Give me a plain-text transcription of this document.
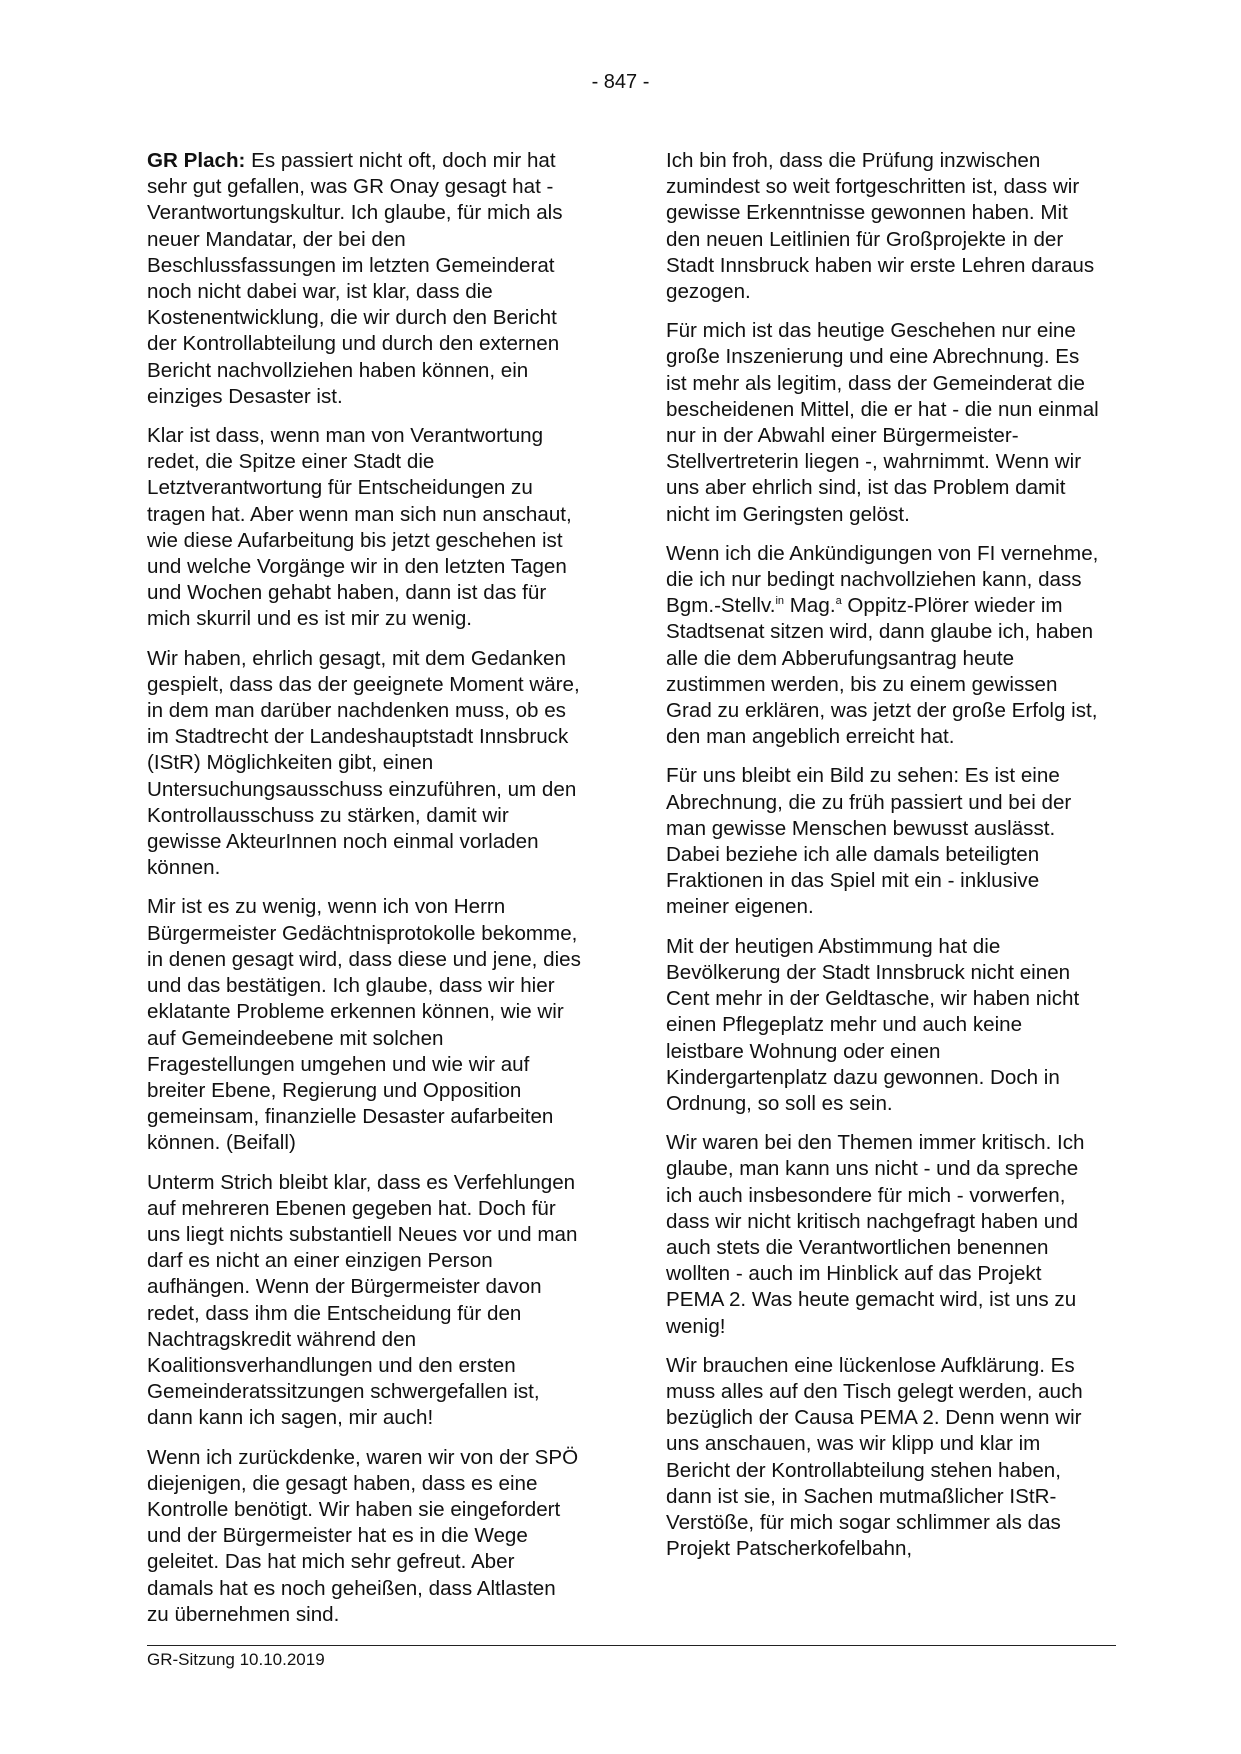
- 847 -

GR Plach: Es passiert nicht oft, doch mir hat sehr gut gefallen, was GR Onay gesagt hat - Verantwortungskultur. Ich glaube, für mich als neuer Mandatar, der bei den Beschlussfassungen im letzten Gemeinderat noch nicht dabei war, ist klar, dass die Kostenentwicklung, die wir durch den Bericht der Kontrollabteilung und durch den externen Bericht nachvollziehen haben können, ein einziges Desaster ist.

Klar ist dass, wenn man von Verantwortung redet, die Spitze einer Stadt die Letztverantwortung für Entscheidungen zu tragen hat. Aber wenn man sich nun anschaut, wie diese Aufarbeitung bis jetzt geschehen ist und welche Vorgänge wir in den letzten Tagen und Wochen gehabt haben, dann ist das für mich skurril und es ist mir zu wenig.

Wir haben, ehrlich gesagt, mit dem Gedanken gespielt, dass das der geeignete Moment wäre, in dem man darüber nachdenken muss, ob es im Stadtrecht der Landeshauptstadt Innsbruck (IStR) Möglichkeiten gibt, einen Untersuchungsausschuss einzuführen, um den Kontrollausschuss zu stärken, damit wir gewisse AkteurInnen noch einmal vorladen können.

Mir ist es zu wenig, wenn ich von Herrn Bürgermeister Gedächtnisprotokolle bekomme, in denen gesagt wird, dass diese und jene, dies und das bestätigen. Ich glaube, dass wir hier eklatante Probleme erkennen können, wie wir auf Gemeindeebene mit solchen Fragestellungen umgehen und wie wir auf breiter Ebene, Regierung und Opposition gemeinsam, finanzielle Desaster aufarbeiten können. (Beifall)

Unterm Strich bleibt klar, dass es Verfehlungen auf mehreren Ebenen gegeben hat. Doch für uns liegt nichts substantiell Neues vor und man darf es nicht an einer einzigen Person aufhängen. Wenn der Bürgermeister davon redet, dass ihm die Entscheidung für den Nachtragskredit während den Koalitionsverhandlungen und den ersten Gemeinderatssitzungen schwergefallen ist, dann kann ich sagen, mir auch!

Wenn ich zurückdenke, waren wir von der SPÖ diejenigen, die gesagt haben, dass es eine Kontrolle benötigt. Wir haben sie eingefordert und der Bürgermeister hat es in die Wege geleitet. Das hat mich sehr gefreut. Aber damals hat es noch geheißen, dass Altlasten zu übernehmen sind.

Ich bin froh, dass die Prüfung inzwischen zumindest so weit fortgeschritten ist, dass wir gewisse Erkenntnisse gewonnen haben. Mit den neuen Leitlinien für Großprojekte in der Stadt Innsbruck haben wir erste Lehren daraus gezogen.

Für mich ist das heutige Geschehen nur eine große Inszenierung und eine Abrechnung. Es ist mehr als legitim, dass der Gemeinderat die bescheidenen Mittel, die er hat - die nun einmal nur in der Abwahl einer Bürgermeister-Stellvertreterin liegen -, wahrnimmt. Wenn wir uns aber ehrlich sind, ist das Problem damit nicht im Geringsten gelöst.

Wenn ich die Ankündigungen von FI vernehme, die ich nur bedingt nachvollziehen kann, dass Bgm.-Stellv.$^{in}$ Mag.$^a$ Oppitz-Plörer wieder im Stadtsenat sitzen wird, dann glaube ich, haben alle die dem Abberufungsantrag heute zustimmen werden, bis zu einem gewissen Grad zu erklären, was jetzt der große Erfolg ist, den man angeblich erreicht hat.

Für uns bleibt ein Bild zu sehen: Es ist eine Abrechnung, die zu früh passiert und bei der man gewisse Menschen bewusst auslässt. Dabei beziehe ich alle damals beteiligten Fraktionen in das Spiel mit ein - inklusive meiner eigenen.

Mit der heutigen Abstimmung hat die Bevölkerung der Stadt Innsbruck nicht einen Cent mehr in der Geldtasche, wir haben nicht einen Pflegeplatz mehr und auch keine leistbare Wohnung oder einen Kindergartenplatz dazu gewonnen. Doch in Ordnung, so soll es sein.

Wir waren bei den Themen immer kritisch. Ich glaube, man kann uns nicht - und da spreche ich auch insbesondere für mich - vorwerfen, dass wir nicht kritisch nachgefragt haben und auch stets die Verantwortlichen benennen wollten - auch im Hinblick auf das Projekt PEMA 2. Was heute gemacht wird, ist uns zu wenig!

Wir brauchen eine lückenlose Aufklärung. Es muss alles auf den Tisch gelegt werden, auch bezüglich der Causa PEMA 2. Denn wenn wir uns anschauen, was wir klipp und klar im Bericht der Kontrollabteilung stehen haben, dann ist sie, in Sachen mutmaßlicher IStR-Verstöße, für mich sogar schlimmer als das Projekt Patscherkofelbahn,

GR-Sitzung 10.10.2019
